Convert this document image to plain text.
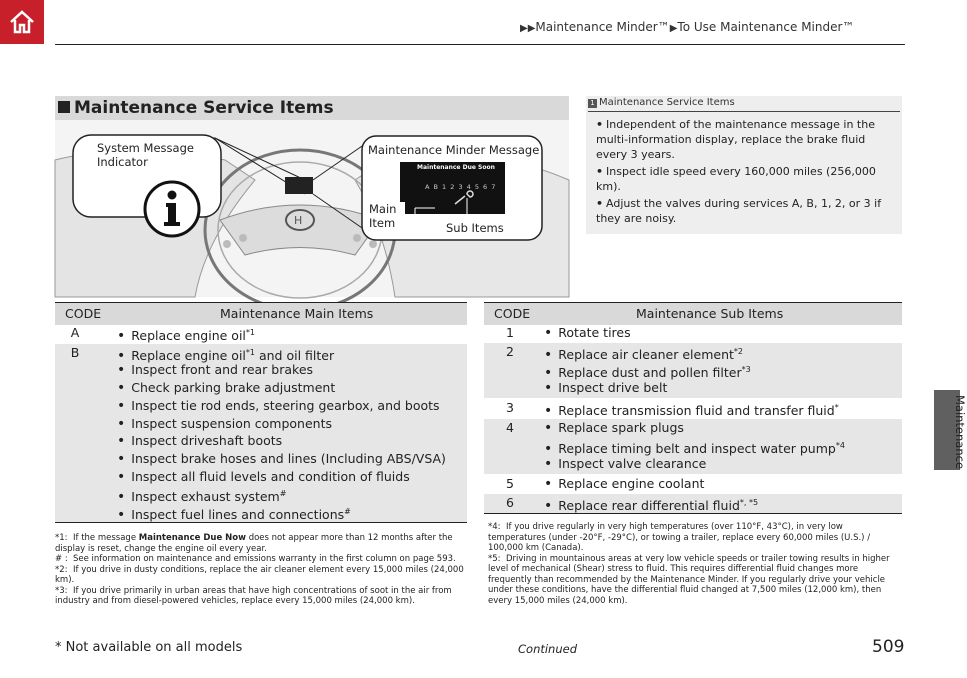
▶▶Maintenance Minder™▶To Use Maintenance Minder™
Maintenance
Maintenance Service Items
H
System Message Indicator
Maintenance Minder Message
Maintenance Due Soon
A B 1 2 3 4 5 6 7
Main Item	Sub Items
1 Maintenance Service Items
• Independent of the maintenance message in the multi-information display, replace the brake fluid every 3 years.
• Inspect idle speed every 160,000 miles (256,000 km).
• Adjust the valves during services A, B, 1, 2, or 3 if they are noisy.
CODE	Maintenance Main Items
A	• Replace engine oil$^{*1}$
B	• Replace engine oil$^{*1}$ and oil filter
• Inspect front and rear brakes
• Check parking brake adjustment
• Inspect tie rod ends, steering gearbox, and boots
• Inspect suspension components
• Inspect driveshaft boots
• Inspect brake hoses and lines (Including ABS/VSA)
• Inspect all fluid levels and condition of fluids
• Inspect exhaust system#
• Inspect fuel lines and connections#
CODE	Maintenance Sub Items
1	• Rotate tires
2	• Replace air cleaner element$^{*2}$
• Replace dust and pollen filter$^{*3}$
• Inspect drive belt
3	• Replace transmission fluid and transfer fluid*
4	• Replace spark plugs
• Replace timing belt and inspect water pump$^{*4}$
• Inspect valve clearance
5	• Replace engine coolant
6	• Replace rear differential fluid$^{*, *5}$
*1: If the message Maintenance Due Now does not appear more than 12 months after the display is reset, change the engine oil every year.
# : See information on maintenance and emissions warranty in the first column on page 593.
*2: If you drive in dusty conditions, replace the air cleaner element every 15,000 miles (24,000 km).
*3: If you drive primarily in urban areas that have high concentrations of soot in the air from industry and from diesel-powered vehicles, replace every 15,000 miles (24,000 km).
*4: If you drive regularly in very high temperatures (over 110°F, 43°C), in very low temperatures (under -20°F, -29°C), or towing a trailer, replace every 60,000 miles (U.S.) / 100,000 km (Canada).
*5: Driving in mountainous areas at very low vehicle speeds or trailer towing results in higher level of mechanical (Shear) stress to fluid. This requires differential fluid changes more frequently than recommended by the Maintenance Minder. If you regularly drive your vehicle under these conditions, have the differential fluid changed at 7,500 miles (12,000 km), then every 15,000 miles (24,000 km).
* Not available on all models	Continued	509
